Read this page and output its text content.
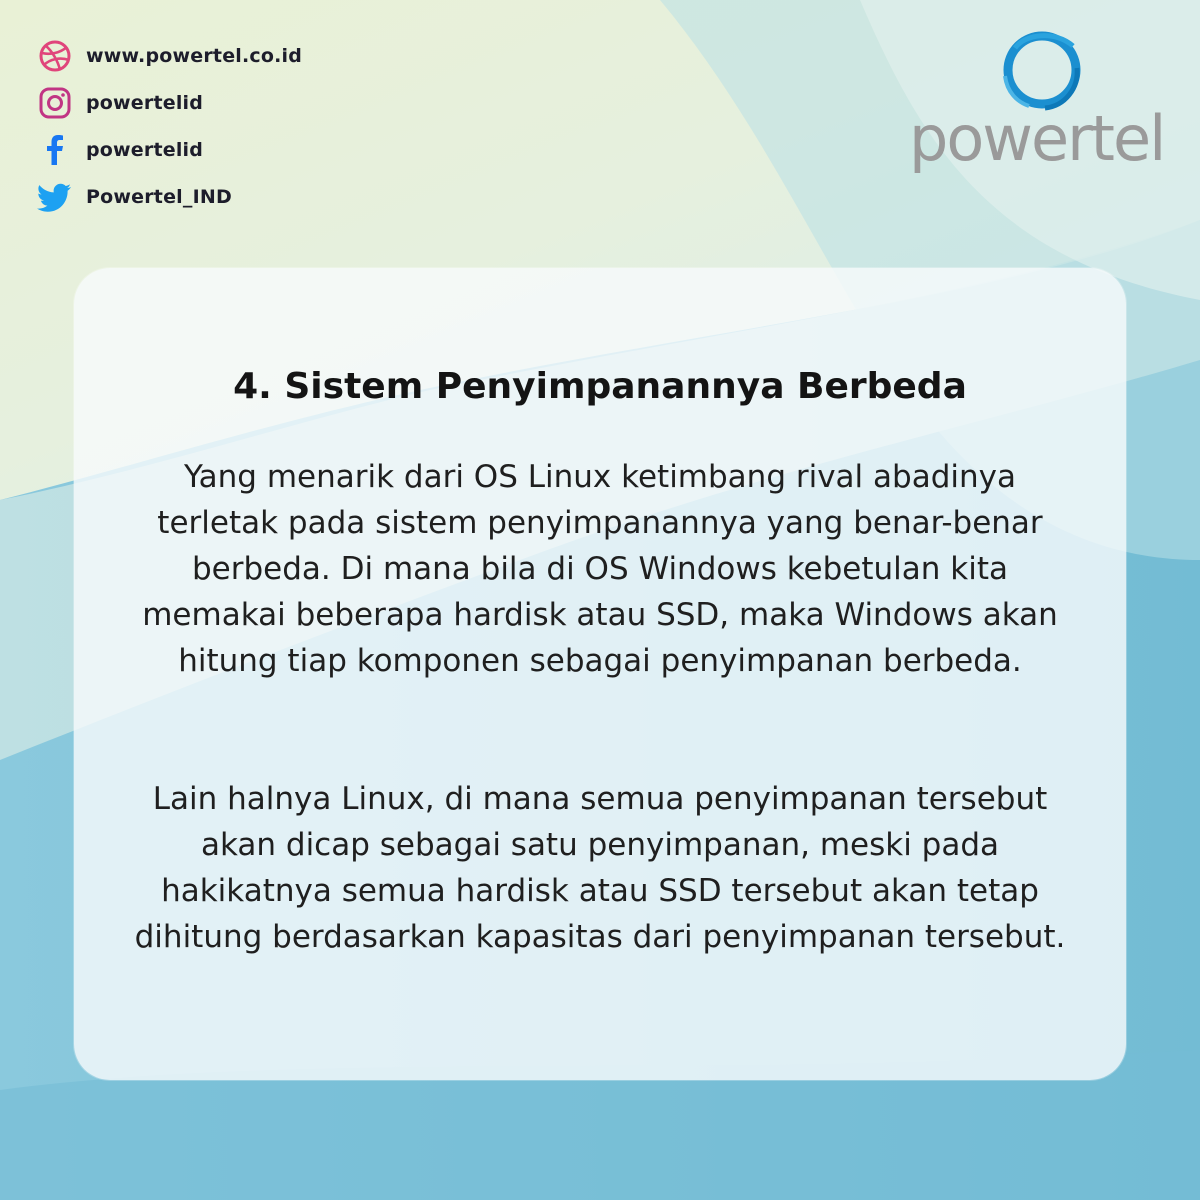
www.powertel.co.id
powertelid
powertelid
Powertel_IND
powertel
4. Sistem Penyimpanannya Berbeda

Yang menarik dari OS Linux ketimbang rival abadinya terletak pada sistem penyimpanannya yang benar-benar berbeda. Di mana bila di OS Windows kebetulan kita memakai beberapa hardisk atau SSD, maka Windows akan hitung tiap komponen sebagai penyimpanan berbeda.

Lain halnya Linux, di mana semua penyimpanan tersebut akan dicap sebagai satu penyimpanan, meski pada hakikatnya semua hardisk atau SSD tersebut akan tetap dihitung berdasarkan kapasitas dari penyimpanan tersebut.
